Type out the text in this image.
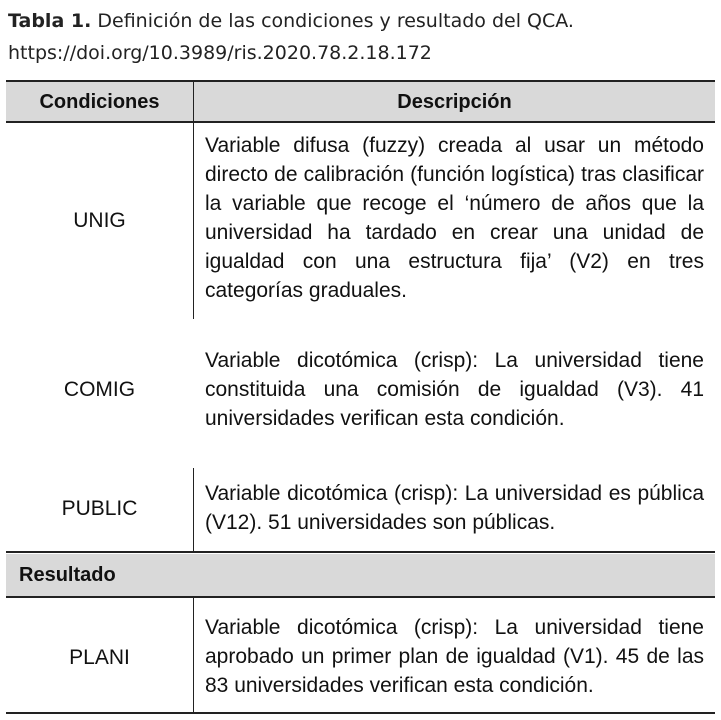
Tabla 1. Definición de las condiciones y resultado del QCA.
https://doi.org/10.3989/ris.2020.78.2.18.172
Condiciones	Descripción
Resultado
UNIG
Variable difusa (fuzzy) creada al usar un método directo de calibración (función logística) tras clasificar la variable que recoge el ‘número de años que la universidad ha tardado en crear una unidad de igualdad con una estructura fija’ (V2) en tres categorías graduales.
COMIG
Variable dicotómica (crisp): La universidad tiene constituida una comisión de igualdad (V3). 41 universidades verifican esta condición.
PUBLIC
Variable dicotómica (crisp): La universidad es pública (V12). 51 universidades son públicas.
PLANI
Variable dicotómica (crisp): La universidad tiene aprobado un primer plan de igualdad (V1). 45 de las 83 universidades verifican esta condición.
